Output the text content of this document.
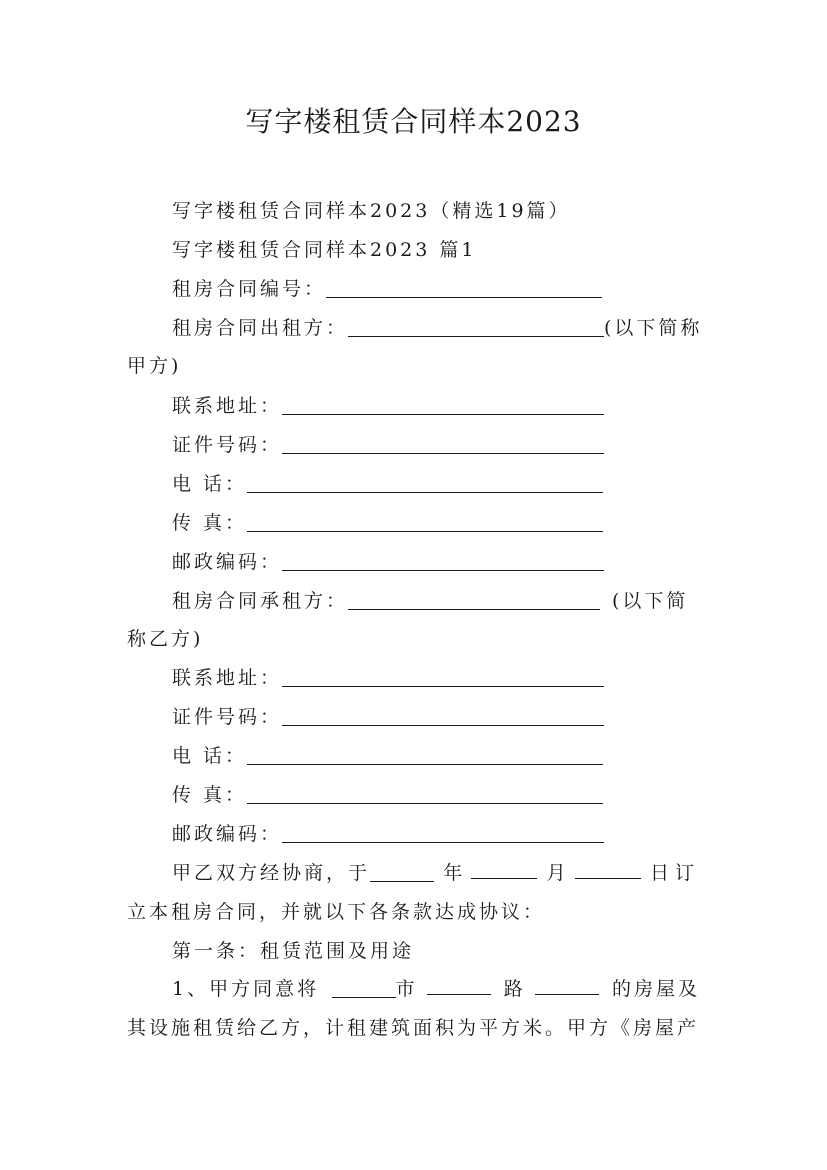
写字楼租赁合同样本2023
写字楼租赁合同样本2023（精选19篇）
写字楼租赁合同样本2023 篇1
租房合同编号：
租房合同出租方：	(以下简称
甲方)
联系地址：
证件号码：
电 话：
传 真：
邮政编码：
租房合同承租方：	(以下简
称乙方)
联系地址：
证件号码：
电 话：
传 真：
邮政编码：
甲乙双方经协商，于	年	月	日订
立本租房合同，并就以下各条款达成协议：
第一条：租赁范围及用途
1、甲方同意将	市	路	的房屋及
其设施租赁给乙方，计租建筑面积为平方米。甲方《房屋产
